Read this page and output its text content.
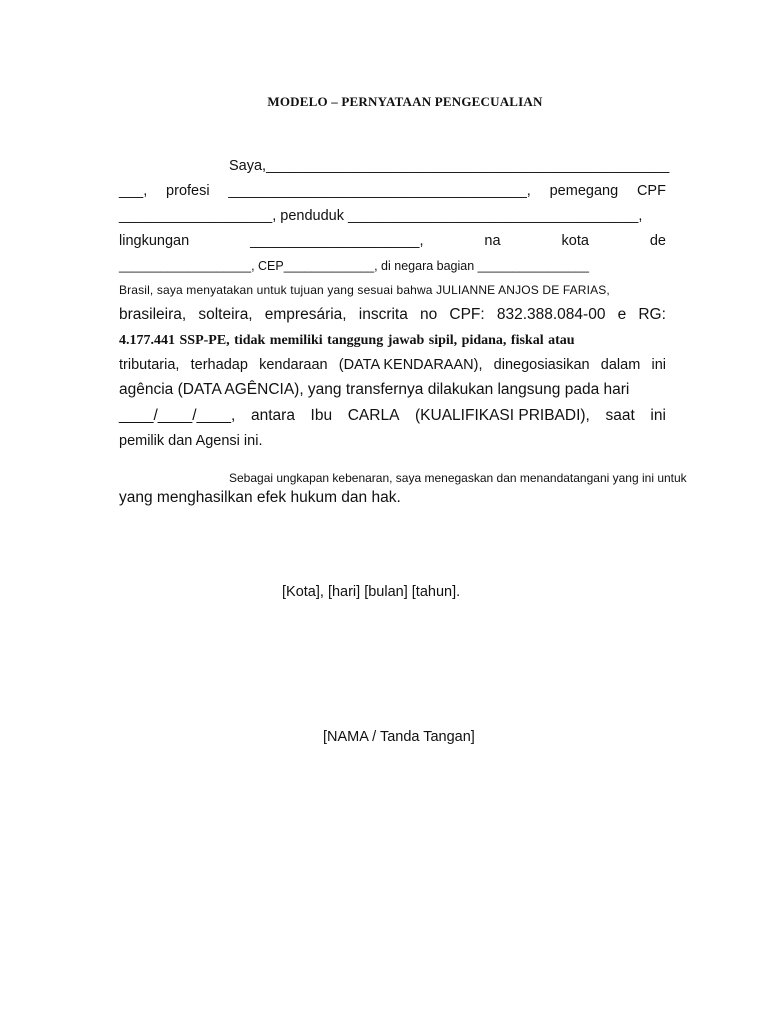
MODELO – PERNYATAAN PENGECUALIAN
Saya,__________________________________________________
___, profesi _____________________________________, pemegang CPF
___________________, penduduk ____________________________________,
lingkungan	_____________________,	na	kota	de
___________________, CEP_____________, di negara bagian ________________
Brasil, saya menyatakan untuk tujuan yang sesuai bahwa JULIANNE ANJOS DE FARIAS,
brasileira, solteira, empresária, inscrita no CPF: 832.388.084-00 e RG:
4.177.441 SSP-PE, tidak memiliki tanggung jawab sipil, pidana, fiskal atau
tributaria, terhadap kendaraan (DATA KENDARAAN), dinegosiasikan dalam ini
agência (DATA AGÊNCIA), yang transfernya dilakukan langsung pada hari
____/____/____, antara Ibu CARLA (KUALIFIKASI PRIBADI), saat ini
pemilik dan Agensi ini.
Sebagai ungkapan kebenaran, saya menegaskan dan menandatangani yang ini untuk
yang menghasilkan efek hukum dan hak.
[Kota], [hari] [bulan] [tahun].
[NAMA / Tanda Tangan]
